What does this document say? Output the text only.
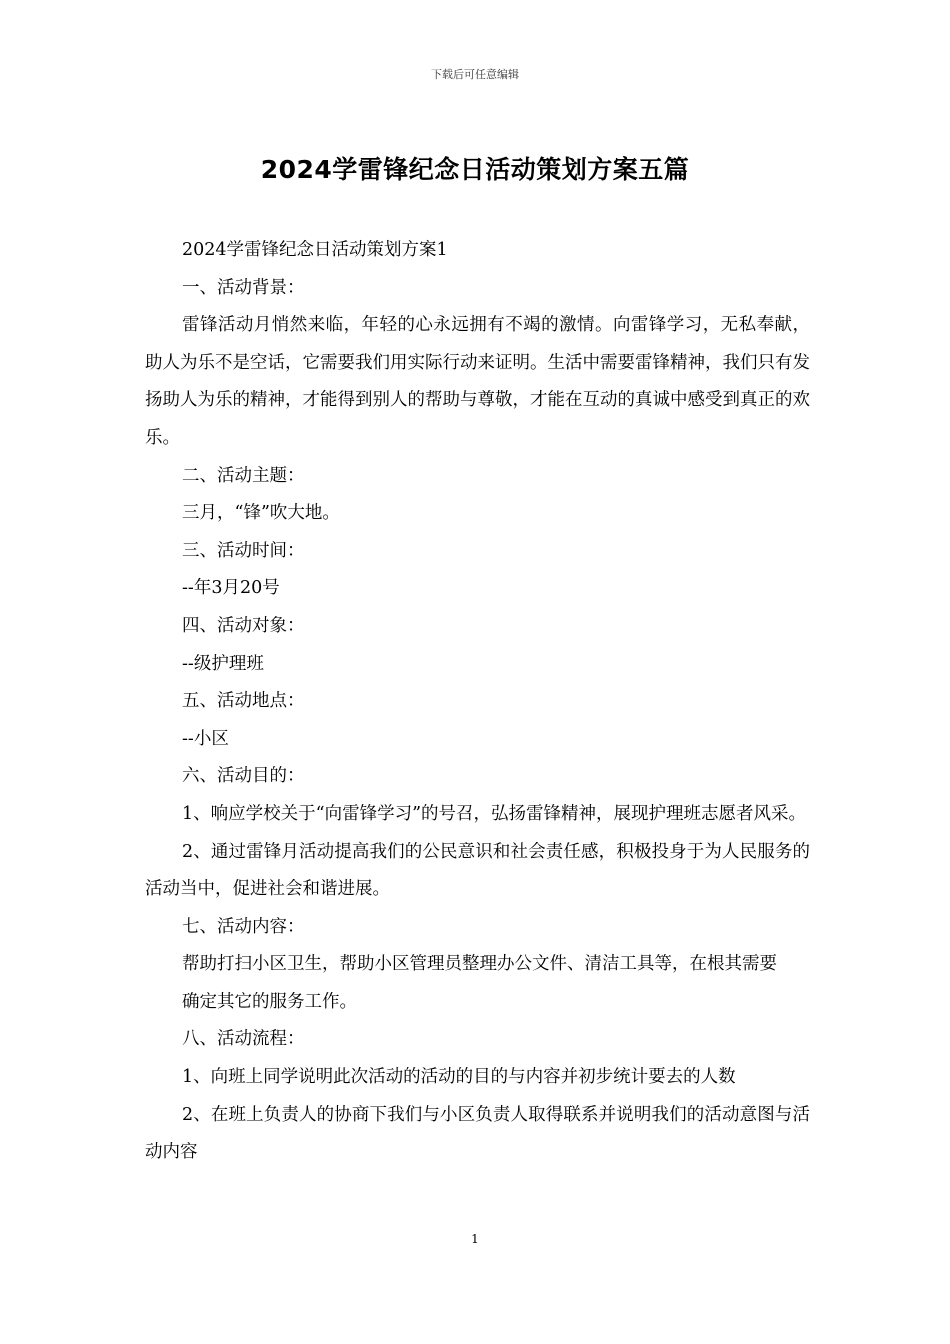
下载后可任意编辑
2024学雷锋纪念日活动策划方案五篇

2024学雷锋纪念日活动策划方案1

一、活动背景：

雷锋活动月悄然来临，年轻的心永远拥有不竭的激情。向雷锋学习，无私奉献，助人为乐不是空话，它需要我们用实际行动来证明。生活中需要雷锋精神，我们只有发扬助人为乐的精神，才能得到别人的帮助与尊敬，才能在互动的真诚中感受到真正的欢乐。

二、活动主题：

三月，“锋”吹大地。

三、活动时间：

--年3月20号

四、活动对象：

--级护理班

五、活动地点：

--小区

六、活动目的：

1、响应学校关于“向雷锋学习”的号召，弘扬雷锋精神，展现护理班志愿者风采。

2、通过雷锋月活动提高我们的公民意识和社会责任感，积极投身于为人民服务的活动当中，促进社会和谐进展。

七、活动内容：

帮助打扫小区卫生，帮助小区管理员整理办公文件、清洁工具等，在根其需要确定其它的服务工作。

八、活动流程：

1、向班上同学说明此次活动的活动的目的与内容并初步统计要去的人数

2、在班上负责人的协商下我们与小区负责人取得联系并说明我们的活动意图与活动内容

1
